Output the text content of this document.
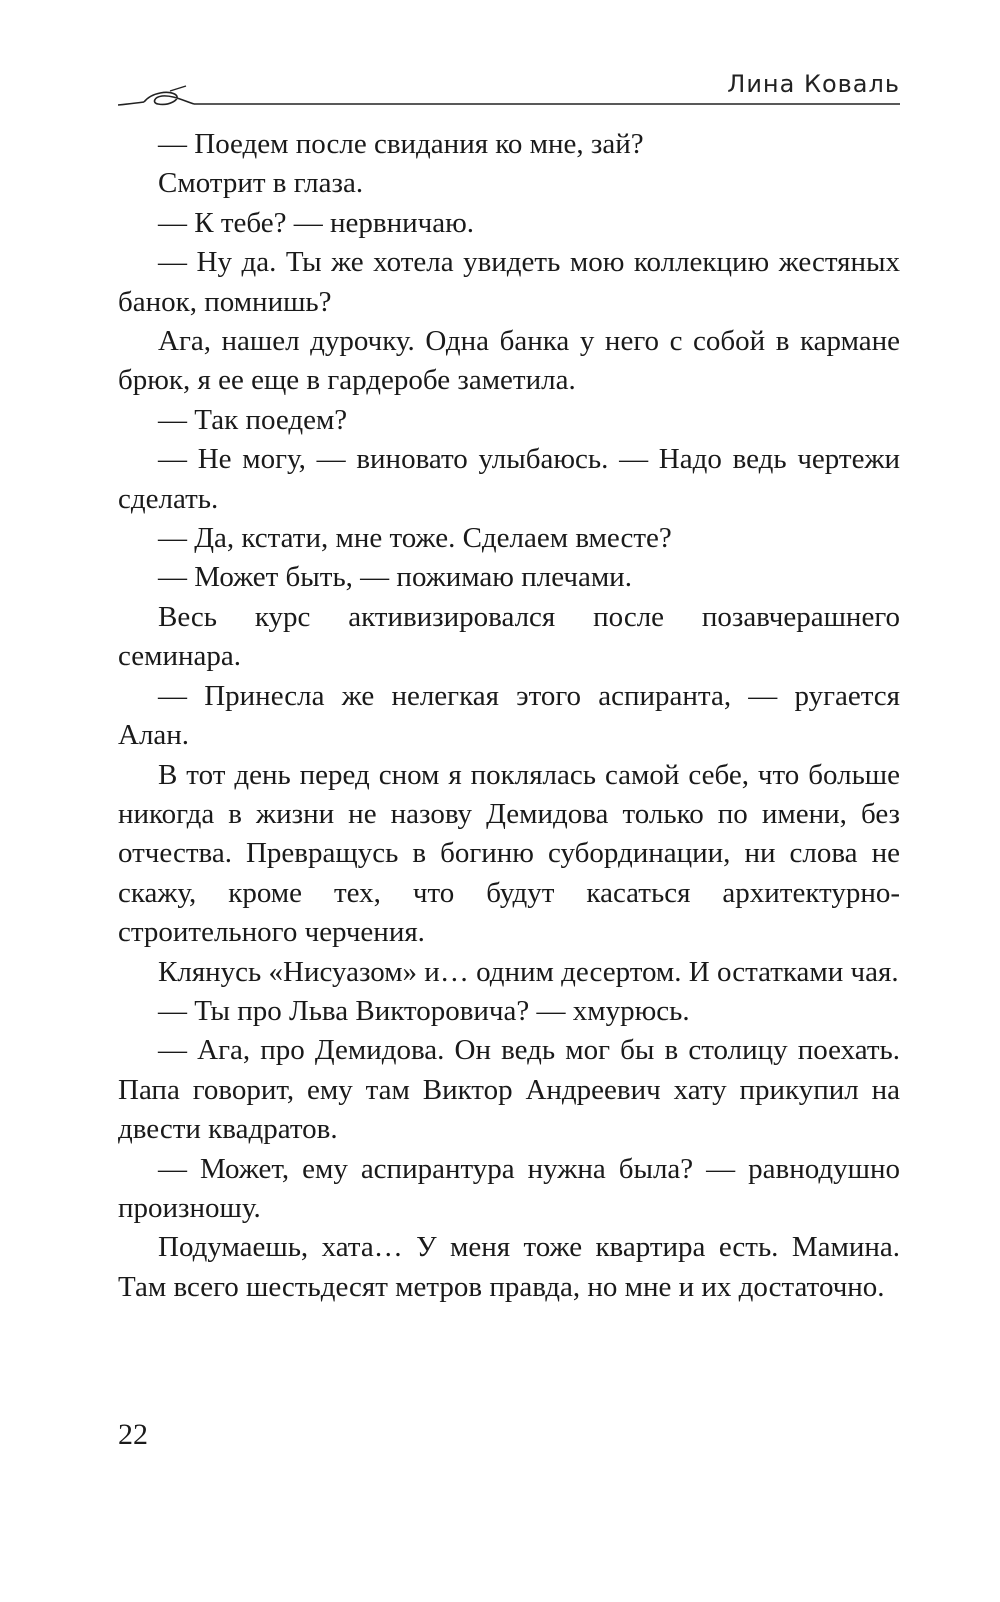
Лина Коваль

— Поедем после свидания ко мне, зай?

Смотрит в глаза.

— К тебе? — нервничаю.

— Ну да. Ты же хотела увидеть мою коллекцию жестяных банок, помнишь?

Ага, нашел дурочку. Одна банка у него с собой в кармане брюк, я ее еще в гардеробе заметила.

— Так поедем?

— Не могу, — виновато улыбаюсь. — Надо ведь чертежи сделать.

— Да, кстати, мне тоже. Сделаем вместе?

— Может быть, — пожимаю плечами.

Весь курс активизировался после позавчерашнего семинара.

— Принесла же нелегкая этого аспиранта, — ругается Алан.

В тот день перед сном я поклялась самой себе, что больше никогда в жизни не назову Демидова только по имени, без отчества. Превращусь в богиню субординации, ни слова не скажу, кроме тех, что будут касаться архитектурно-строительного черчения.

Клянусь «Нисуазом» и… одним десертом. И остатками чая.

— Ты про Льва Викторовича? — хмурюсь.

— Ага, про Демидова. Он ведь мог бы в столицу поехать. Папа говорит, ему там Виктор Андреевич хату прикупил на двести квадратов.

— Может, ему аспирантура нужна была? — равнодушно произношу.

Подумаешь, хата… У меня тоже квартира есть. Мамина. Там всего шестьдесят метров правда, но мне и их достаточно.

22
